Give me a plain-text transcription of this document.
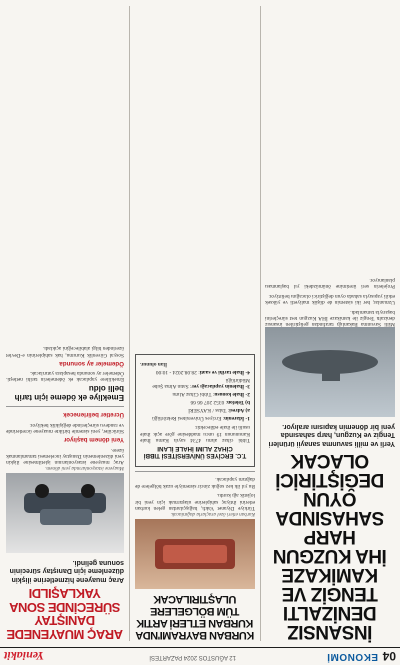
04
EKONOMİ
12 AĞUSTOS 2024 PAZARTESİ
Yeniakit
İNSANSIZ DENİZALTI TENGİZ VE KAMİKAZE İHA KUZGUN HARP SAHASINDA OYUN DEĞİŞTİRİCİ OLACAK
Yerli ve milli savunma sanayii ürünleri Tengiz ve Kuzgun, harp sahasında yeni bir dönemin kapısını aralıyor.

Milli Savunma Bakanlığı tarafından geliştirilen insansız denizaltı Tengiz ile kamikaze İHA Kuzgun test süreçlerini başarıyla tamamladı.

Uzmanlar, her iki sistemin de düşük maliyetli ve yüksek etkili yapısıyla sahada oyun değiştirici olacağını belirtiyor.

Projelerin seri üretimine önümüzdeki yıl başlanması planlanıyor.

KURBAN BAYRAMI'NDA KURBAN ETLERİ ARTIK TÜM BÖLGELERE ULAŞTIRILACAK
Kurban etleri özel araçlarla dağıtılacak.

Türkiye Diyanet Vakfı, bağışçılardan gelen kurban etlerini ihtiyaç sahiplerine ulaştırmak için yeni bir lojistik ağı kurdu.

Bu yıl ilk kez soğuk zincir sistemiyle uzak bölgelere de dağıtım yapılacak.

T.C. ERCİYES ÜNİVERSİTESİ TIBBİ CİHAZ ALIMI İHALE İLANI

Tıbbi cihaz alımı 4734 sayılı Kamu İhale Kanununun 19 uncu maddesine göre açık ihale usulü ile ihale edilecektir.

1- İdarenin: Erciyes Üniversitesi Rektörlüğü
a) Adresi: Talas / KAYSERİ
b) Telefon: 0352 207 66 66
2- İhale konusu: Tıbbi Cihaz Alımı
3- İhalenin yapılacağı yer: Satın Alma Şube Müdürlüğü
4- İhale tarihi ve saati: 28.08.2024 - 10:00
İlan olunur.
ARAÇ MUAYENEDE DANIŞTAY SÜRECİNDE SONA YAKLAŞILDI
Araç muayene hizmetlerine ilişkin düzenleme için Danıştay sürecinin sonuna gelindi.
Muayene istasyonlarında yeni dönem.

Araç muayene istasyonlarının işletilmesine ilişkin yeni düzenlemenin Danıştay incelemesi tamamlanmak üzere.

Yeni dönem başlıyor

Sürücüler, yeni sistemle birlikte muayene ücretlerinde ve randevu süreçlerinde değişiklik bekliyor.

Ücretler belirlenecek
Emekliye ek ödeme için tarih belli oldu

Emeklilere yapılacak ek ödemelerin tarihi netleşti. Ödemeler ay sonunda hesaplara yatırılacak.

Ödemeler ay sonunda

Sosyal Güvenlik Kurumu, hak sahiplerinin e-Devlet üzerinden bilgi alabileceğini açıkladı.
